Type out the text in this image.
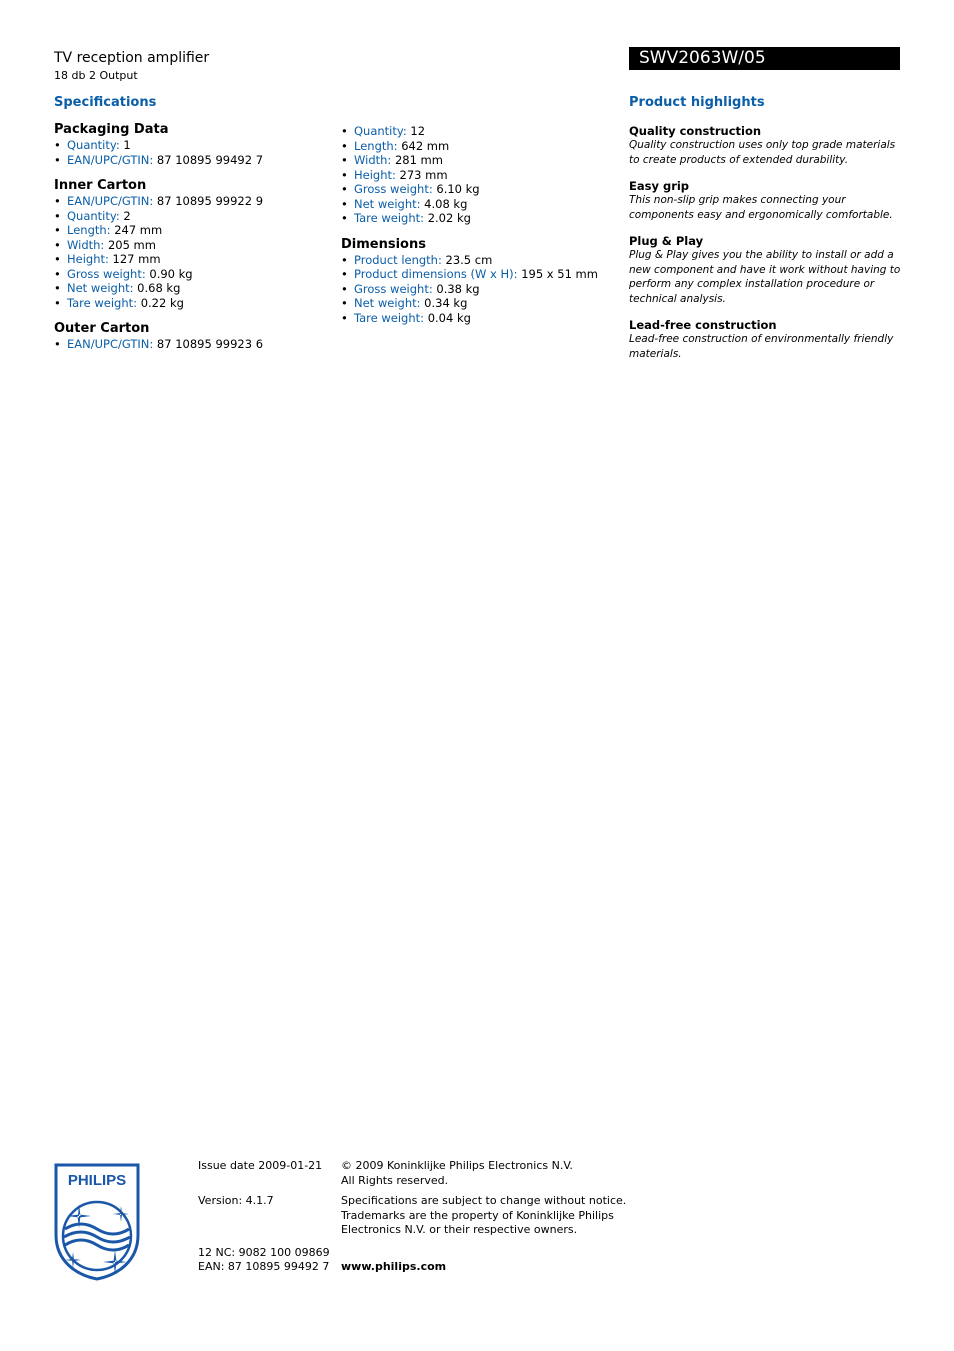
TV reception amplifier
18 db 2 Output
SWV2063W/05
Specifications	Product highlights
Packaging Data
• Quantity: 1
• EAN/UPC/GTIN: 87 10895 99492 7
Inner Carton
• EAN/UPC/GTIN: 87 10895 99922 9
• Quantity: 2
• Length: 247 mm
• Width: 205 mm
• Height: 127 mm
• Gross weight: 0.90 kg
• Net weight: 0.68 kg
• Tare weight: 0.22 kg
Outer Carton
• EAN/UPC/GTIN: 87 10895 99923 6
• Quantity: 12
• Length: 642 mm
• Width: 281 mm
• Height: 273 mm
• Gross weight: 6.10 kg
• Net weight: 4.08 kg
• Tare weight: 2.02 kg
Dimensions
• Product length: 23.5 cm
• Product dimensions (W x H): 195 x 51 mm
• Gross weight: 0.38 kg
• Net weight: 0.34 kg
• Tare weight: 0.04 kg
Quality construction
Quality construction uses only top grade materials to create products of extended durability.
Easy grip
This non-slip grip makes connecting your components easy and ergonomically comfortable.
Plug & Play
Plug & Play gives you the ability to install or add a new component and have it work without having to perform any complex installation procedure or technical analysis.
Lead-free construction
Lead-free construction of environmentally friendly materials.
PHILIPS
Issue date 2009-01-21
Version: 4.1.7
12 NC: 9082 100 09869
EAN: 87 10895 99492 7
© 2009 Koninklijke Philips Electronics N.V.
All Rights reserved.
Specifications are subject to change without notice.
Trademarks are the property of Koninklijke Philips
Electronics N.V. or their respective owners.
www.philips.com
